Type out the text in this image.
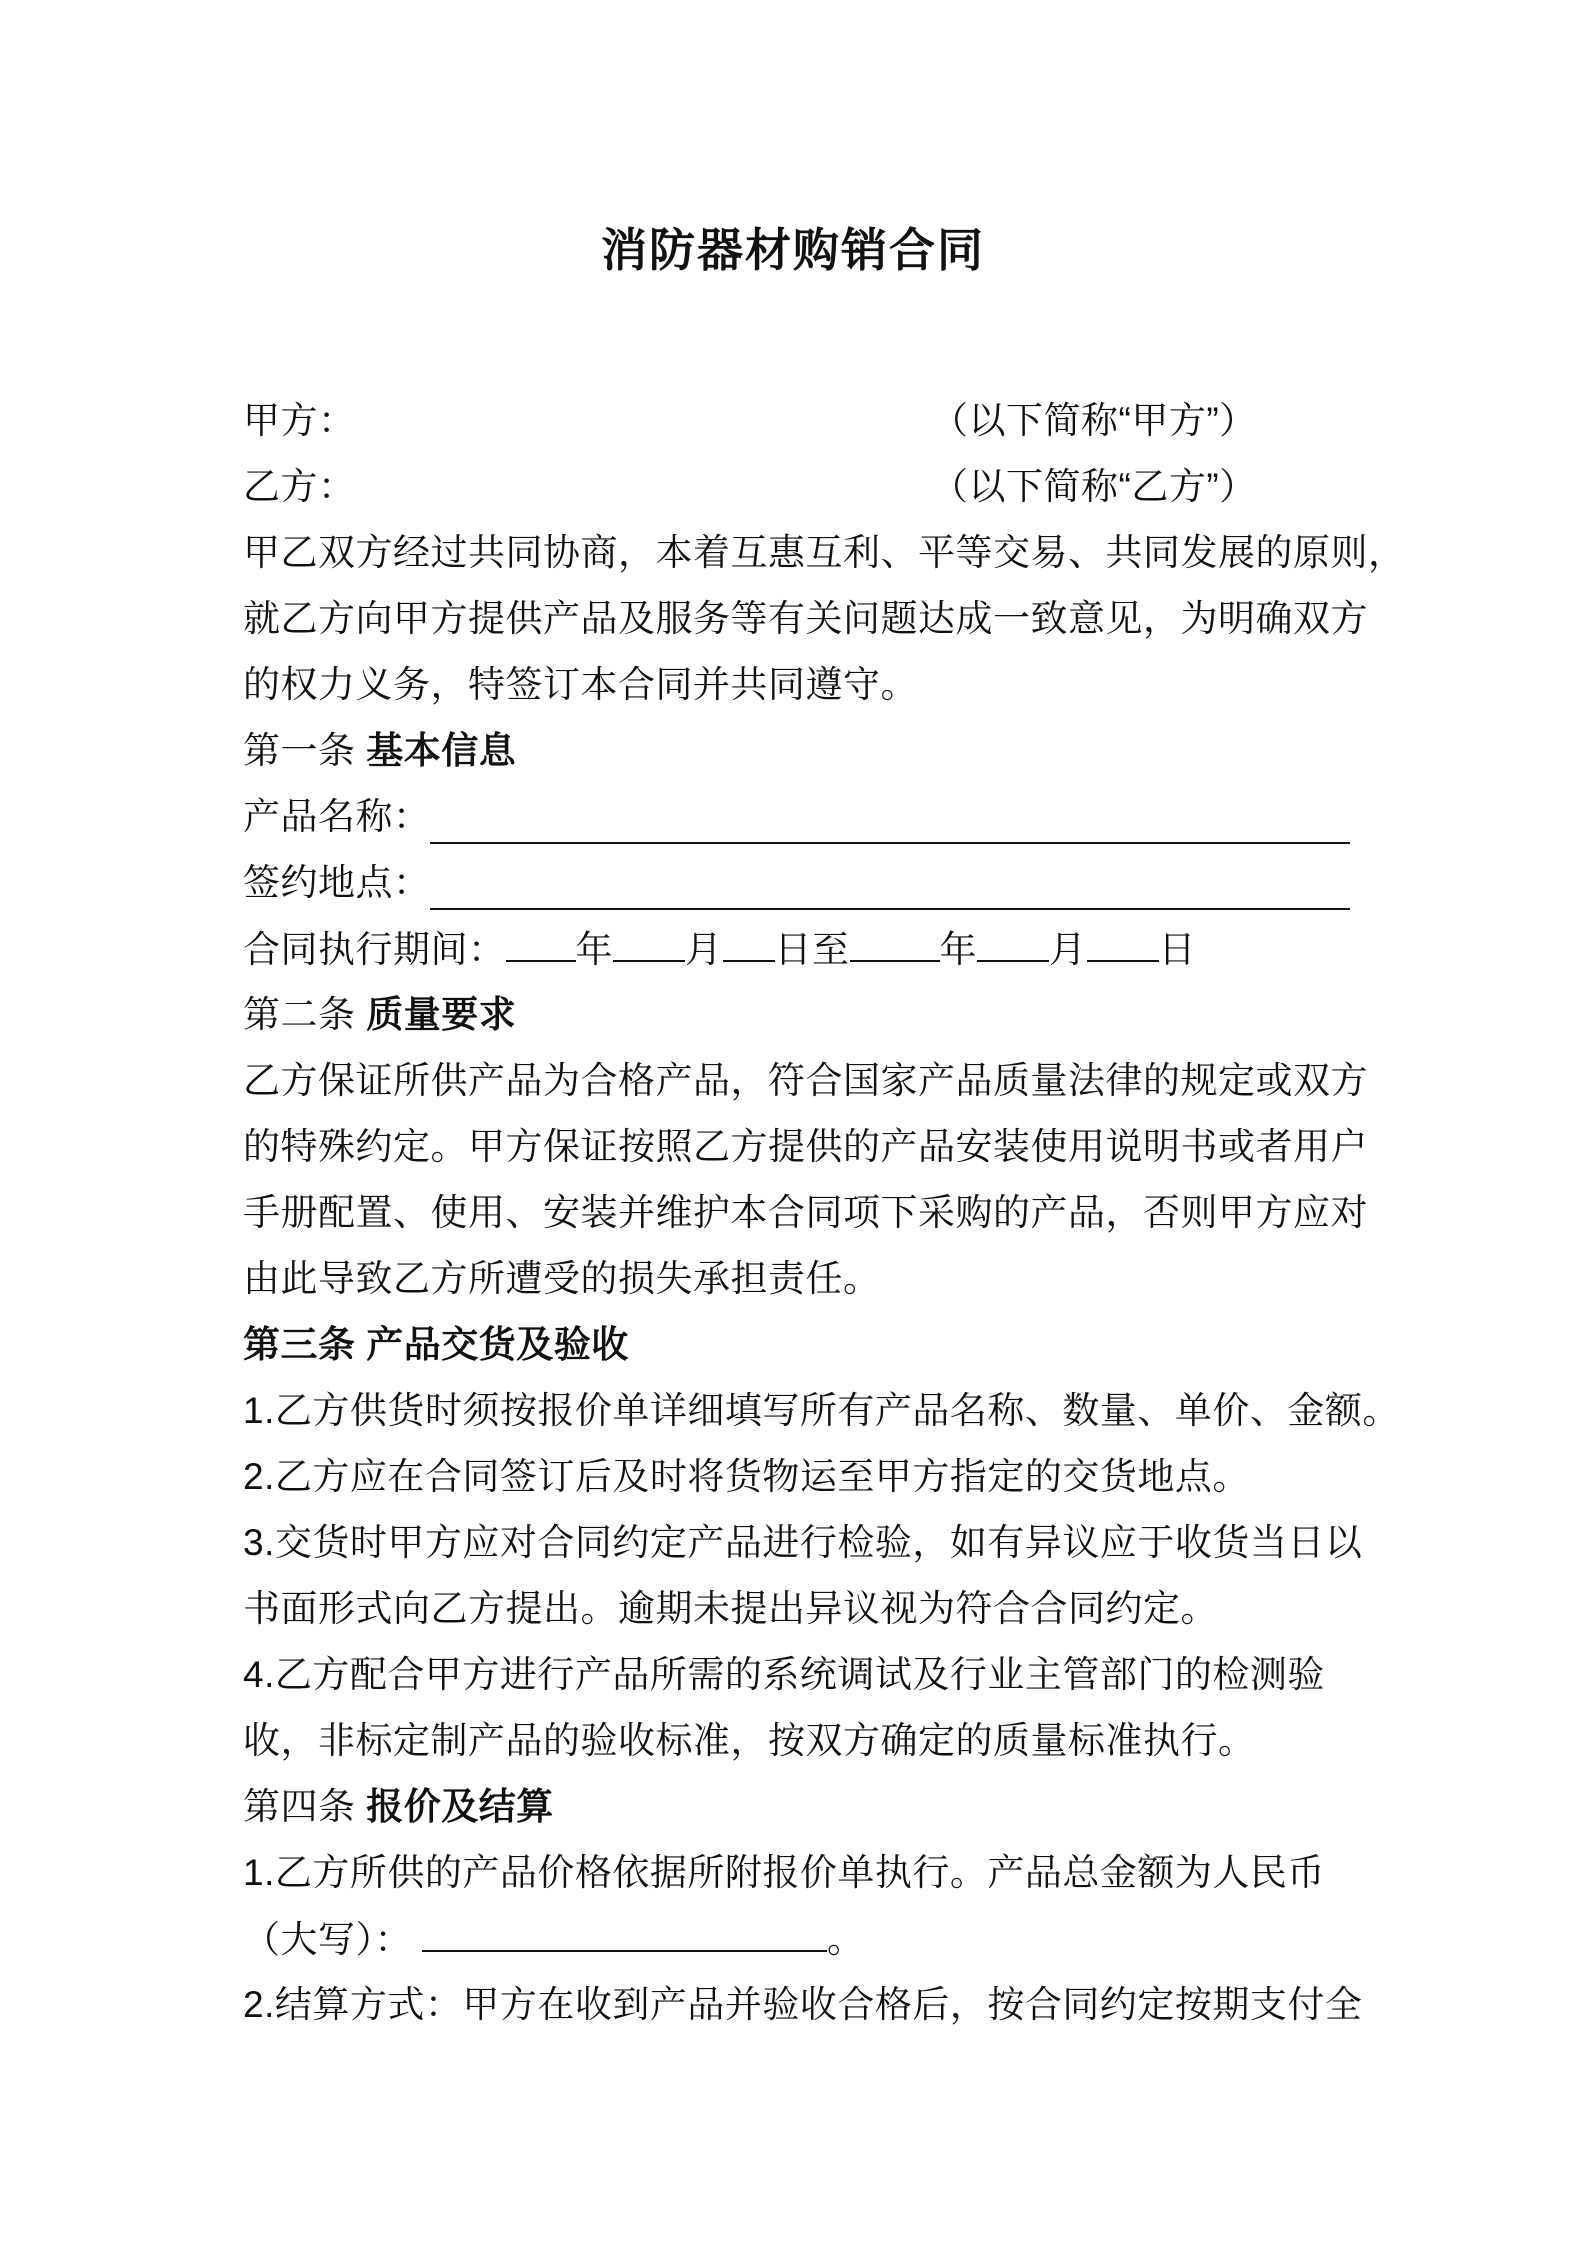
消防器材购销合同
甲方：	（以下简称“甲方”）
乙方：	（以下简称“乙方”）
甲乙双方经过共同协商，本着互惠互利、平等交易、共同发展的原则，
就乙方向甲方提供产品及服务等有关问题达成一致意见，为明确双方
的权力义务，特签订本合同并共同遵守。
第一条 基本信息
产品名称：
签约地点：
合同执行期间： 年 月 日至 年 月 日
第二条 质量要求
乙方保证所供产品为合格产品，符合国家产品质量法律的规定或双方
的特殊约定。甲方保证按照乙方提供的产品安装使用说明书或者用户
手册配置、使用、安装并维护本合同项下采购的产品，否则甲方应对
由此导致乙方所遭受的损失承担责任。
第三条 产品交货及验收
1.乙方供货时须按报价单详细填写所有产品名称、数量、单价、金额。
2.乙方应在合同签订后及时将货物运至甲方指定的交货地点。
3.交货时甲方应对合同约定产品进行检验，如有异议应于收货当日以
书面形式向乙方提出。逾期未提出异议视为符合合同约定。
4.乙方配合甲方进行产品所需的系统调试及行业主管部门的检测验
收，非标定制产品的验收标准，按双方确定的质量标准执行。
第四条 报价及结算
1.乙方所供的产品价格依据所附报价单执行。产品总金额为人民币
（大写）：	。
2.结算方式：甲方在收到产品并验收合格后，按合同约定按期支付全
